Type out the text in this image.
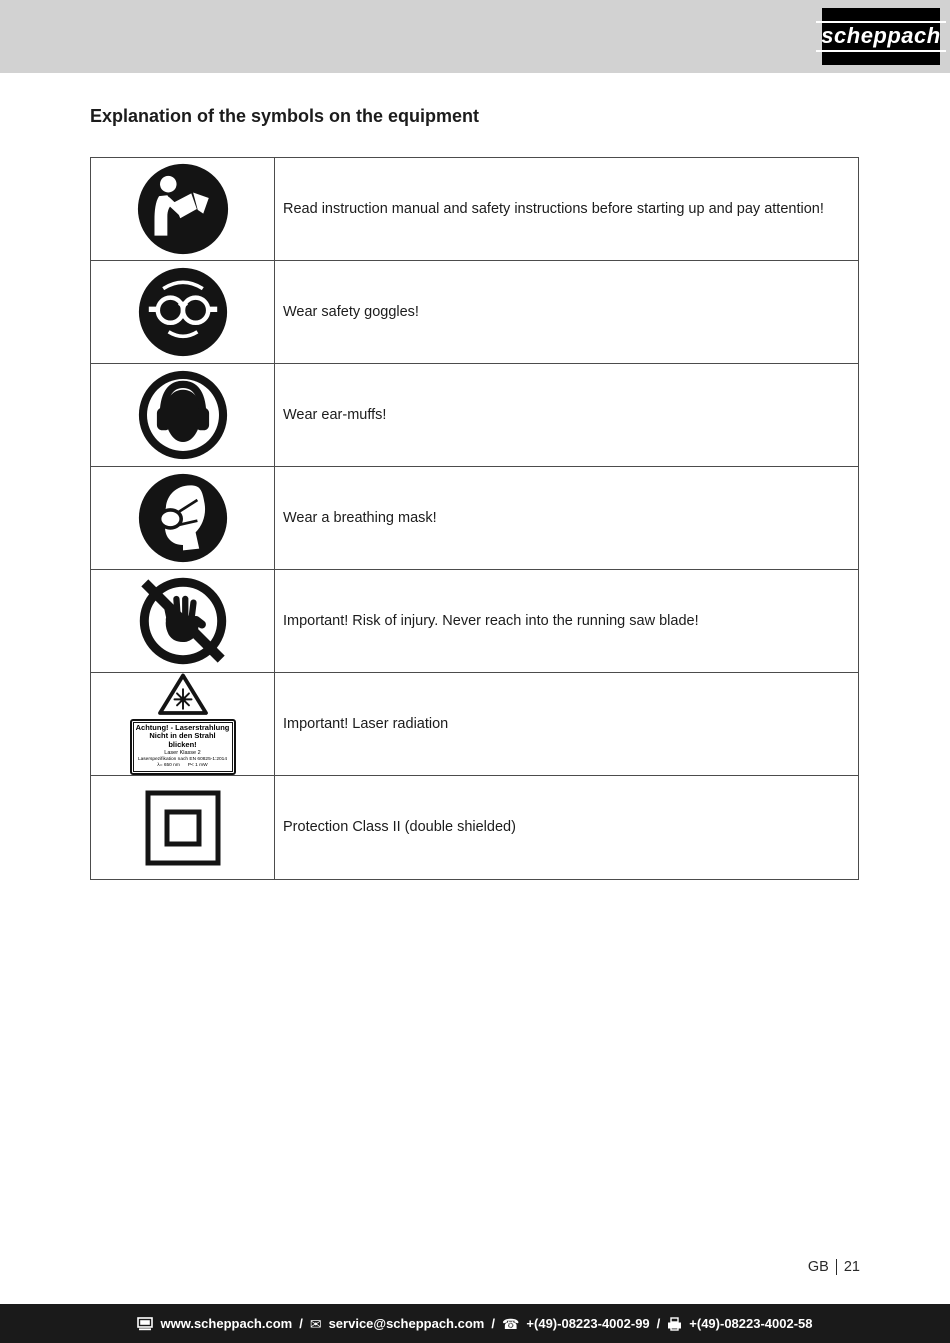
scheppach
Explanation of the symbols on the equipment
Read instruction manual and safety instructions before starting up and pay attention!
Wear safety goggles!
Wear ear-muffs!
Wear a breathing mask!
Important! Risk of injury. Never reach into the running saw blade!
Achtung! - Laserstrahlung
Nicht in den Strahl blicken!
Laser Klasse 2
Laserspezifikation nach EN 60825-1:2014
λ= 650 nm      P< 1 mW
Important! Laser radiation
Protection Class II (double shielded)
GB	21
www.scheppach.com / ✉ service@scheppach.com / ☎ +(49)-08223-4002-99 / +(49)-08223-4002-58
